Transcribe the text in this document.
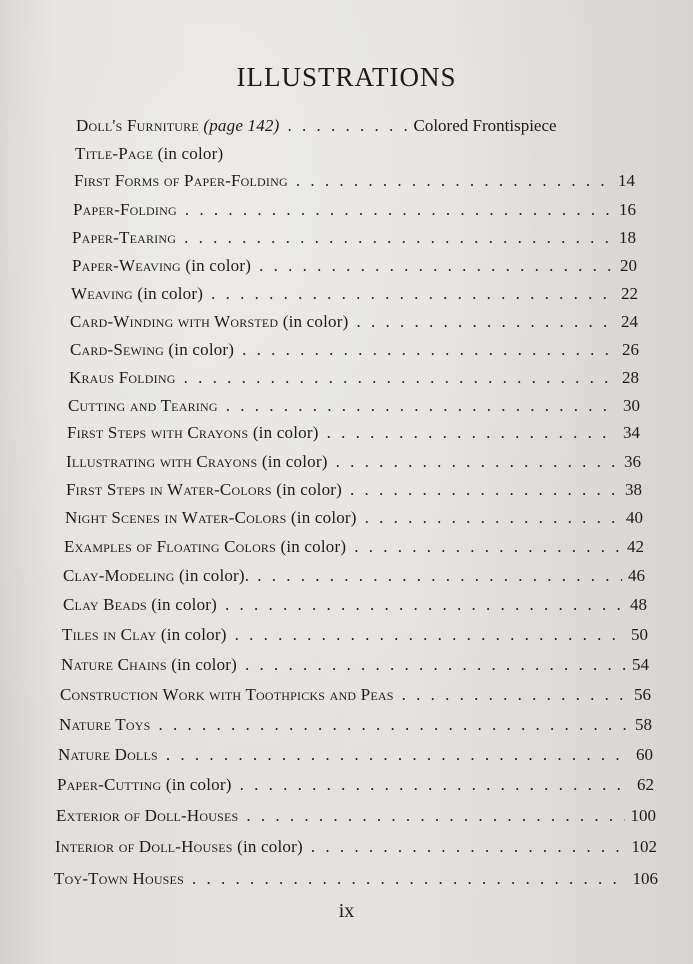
ILLUSTRATIONS
Doll's Furniture (page 142) . . .	Colored Frontispiece
Title-Page (in color)
First Forms of Paper-Folding . . .	14
Paper-Folding . . .	16
Paper-Tearing . . .	18
Paper-Weaving (in color) . . .	20
Weaving (in color) . . .	22
Card-Winding with Worsted (in color) . . .	24
Card-Sewing (in color) . . .	26
Kraus Folding . . .	28
Cutting and Tearing . . .	30
First Steps with Crayons (in color) . . .	34
Illustrating with Crayons (in color) . . .	36
First Steps in Water-Colors (in color) . . .	38
Night Scenes in Water-Colors (in color) . . .	40
Examples of Floating Colors (in color) . . .	42
Clay-Modeling (in color). . . .	46
Clay Beads (in color) . . .	48
Tiles in Clay (in color) . . .	50
Nature Chains (in color) . . .	54
Construction Work with Toothpicks and Peas . . .	56
Nature Toys . . .	58
Nature Dolls . . .	60
Paper-Cutting (in color) . . .	62
Exterior of Doll-Houses . . .	100
Interior of Doll-Houses (in color) . . .	102
Toy-Town Houses . . .	106
ix
